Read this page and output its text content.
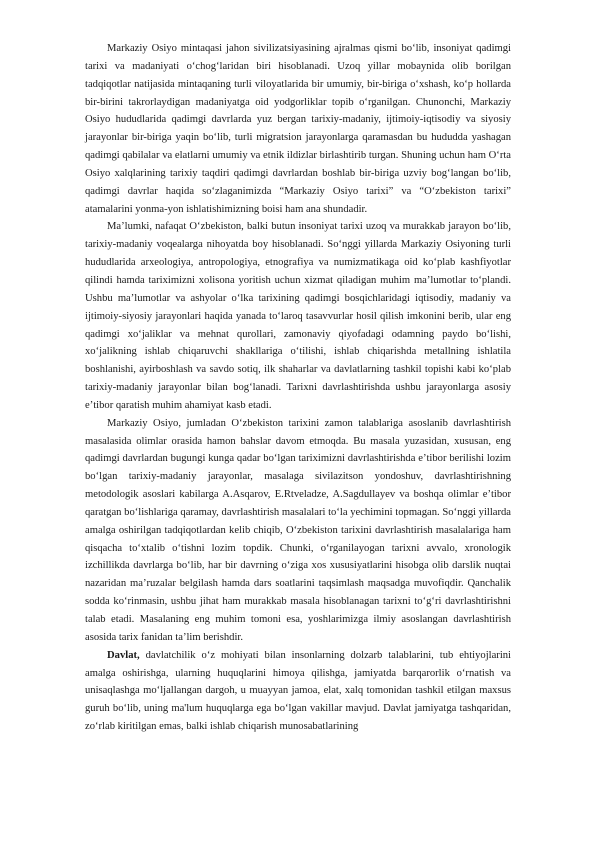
Markaziy Osiyo mintaqasi jahon sivilizatsiyasining ajralmas qismi boʻlib, insoniyat qadimgi tarixi va madaniyati oʻchogʻlaridan biri hisoblanadi. Uzoq yillar mobaynida olib borilgan tadqiqotlar natijasida mintaqaning turli viloyatlarida bir umumiy, bir-biriga oʻxshash, koʻp hollarda bir-birini takrorlaydigan madaniyatga oid yodgorliklar topib oʻrganilgan. Chunonchi, Markaziy Osiyo hududlarida qadimgi davrlarda yuz bergan tarixiy-madaniy, ijtimoiy-iqtisodiy va siyosiy jarayonlar bir-biriga yaqin boʻlib, turli migratsion jarayonlarga qaramasdan bu hududda yashagan qadimgi qabilalar va elatlarni umumiy va etnik ildizlar birlashtirib turgan. Shuning uchun ham Oʻrta Osiyo xalqlarining tarixiy taqdiri qadimgi davrlardan boshlab bir-biriga uzviy bogʻlangan boʻlib, qadimgi davrlar haqida soʻzlaganimizda “Markaziy Osiyo tarixi” va “Oʻzbekiston tarixi” atamalarini yonma-yon ishlatishimizning boisi ham ana shundadir.

Maʼlumki, nafaqat Oʻzbekiston, balki butun insoniyat tarixi uzoq va murakkab jarayon boʻlib, tarixiy-madaniy voqealarga nihoyatda boy hisoblanadi. Soʻnggi yillarda Markaziy Osiyoning turli hududlarida arxeologiya, antropologiya, etnografiya va numizmatikaga oid koʻplab kashfiyotlar qilindi hamda tariximizni xolisona yoritish uchun xizmat qiladigan muhim maʼlumotlar toʻplandi. Ushbu maʼlumotlar va ashyolar oʻlka tarixining qadimgi bosqichlaridagi iqtisodiy, madaniy va ijtimoiy-siyosiy jarayonlari haqida yanada toʻlaroq tasavvurlar hosil qilish imkonini berib, ular eng qadimgi xoʻjaliklar va mehnat qurollari, zamonaviy qiyofadagi odamning paydo boʻlishi, xoʻjalikning ishlab chiqaruvchi shakllariga oʻtilishi, ishlab chiqarishda metallning ishlatila boshlanishi, ayirboshlash va savdo sotiq, ilk shaharlar va davlatlarning tashkil topishi kabi koʻplab tarixiy-madaniy jarayonlar bilan bogʻlanadi. Tarixni davrlashtirishda ushbu jarayonlarga asosiy eʼtibor qaratish muhim ahamiyat kasb etadi.

Markaziy Osiyo, jumladan Oʻzbekiston tarixini zamon talablariga asoslanib davrlashtirish masalasida olimlar orasida hamon bahslar davom etmoqda. Bu masala yuzasidan, xususan, eng qadimgi davrlardan bugungi kunga qadar boʻlgan tariximizni davrlashtirishda eʼtibor berilishi lozim boʻlgan tarixiy-madaniy jarayonlar, masalaga sivilazitson yondoshuv, davrlashtirishning metodologik asoslari kabilarga A.Asqarov, E.Rtveladze, A.Sagdullayev va boshqa olimlar eʼtibor qaratgan boʻlishlariga qaramay, davrlashtirish masalalari toʻla yechimini topmagan. Soʻnggi yillarda amalga oshirilgan tadqiqotlardan kelib chiqib, Oʻzbekiston tarixini davrlashtirish masalalariga ham qisqacha toʻxtalib oʻtishni lozim topdik. Chunki, oʻrganilayogan tarixni avvalo, xronologik izchillikda davrlarga boʻlib, har bir davrning oʻziga xos xususiyatlarini hisobga olib darslik nuqtai nazaridan maʼruzalar belgilash hamda dars soatlarini taqsimlash maqsadga muvofiqdir. Qanchalik sodda koʻrinmasin, ushbu jihat ham murakkab masala hisoblanagan tarixni toʻgʻri davrlashtirishni talab etadi. Masalaning eng muhim tomoni esa, yoshlarimizga ilmiy asoslangan davrlashtirish asosida tarix fanidan taʼlim berishdir.

Davlat, davlatchilik oʻz mohiyati bilan insonlarning dolzarb talablarini, tub ehtiyojlarini amalga oshirishga, ularning huquqlarini himoya qilishga, jamiyatda barqarorlik oʻrnatish va unisaqlashga moʻljallangan dargoh, u muayyan jamoa, elat, xalq tomonidan tashkil etilgan maxsus guruh boʻlib, uning ma'lum huquqlarga ega boʻlgan vakillar mavjud. Davlat jamiyatga tashqaridan, zoʻrlab kiritilgan emas, balki ishlab chiqarish munosabatlarining
